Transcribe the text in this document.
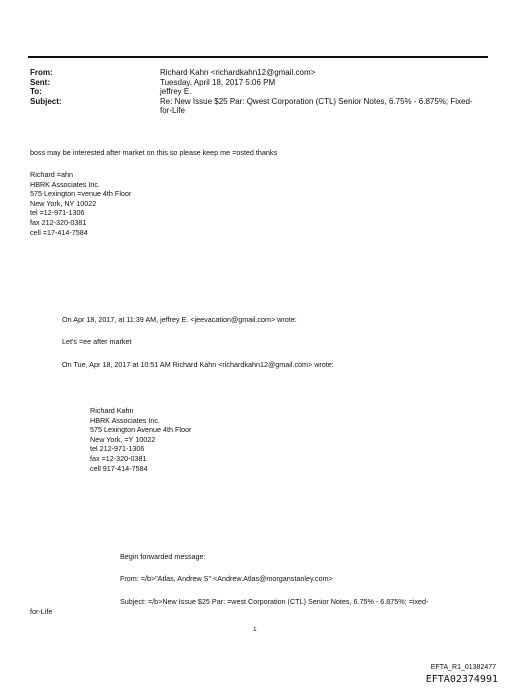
From:	Richard Kahn <richardkahn12@gmail.com>
Sent:	Tuesday, April 18, 2017 5:06 PM
To:	jeffrey E.
Subject:	Re: New Issue $25 Par: Qwest Corporation (CTL) Senior Notes, 6.75% - 6.875%; Fixed-
for-Life
boss may be interested after market on this so please keep me =osted thanks
Richard =ahn
HBRK Associates Inc.
575 Lexington =venue 4th Floor
New York, NY 10022
tel =12-971-1306
fax 212-320-0381
cell =17-414-7584
On Apr 18, 2017, at 11:39 AM, jeffrey E. <jeevacation@gmail.com> wrote:
Let's =ee after market
On Tue, Apr 18, 2017 at 10:51 AM Richard Kahn <richardkahn12@gmail.com> wrote:
Richard Kahn
HBRK Associates Inc.
575 Lexington Avenue 4th Floor
New York, =Y 10022
tel 212-971-1306
fax =12-320-0381
cell 917-414-7584
Begin forwarded message:
From: =/b>"Atlas, Andrew S" <Andrew.Atlas@morganstanley.com>
Subject: =/b>New Issue $25 Par: =west Corporation (CTL) Senior Notes, 6.75% - 6.875%; =ixed-
for-Life
1
EFTA_R1_01382477
EFTA02374991
